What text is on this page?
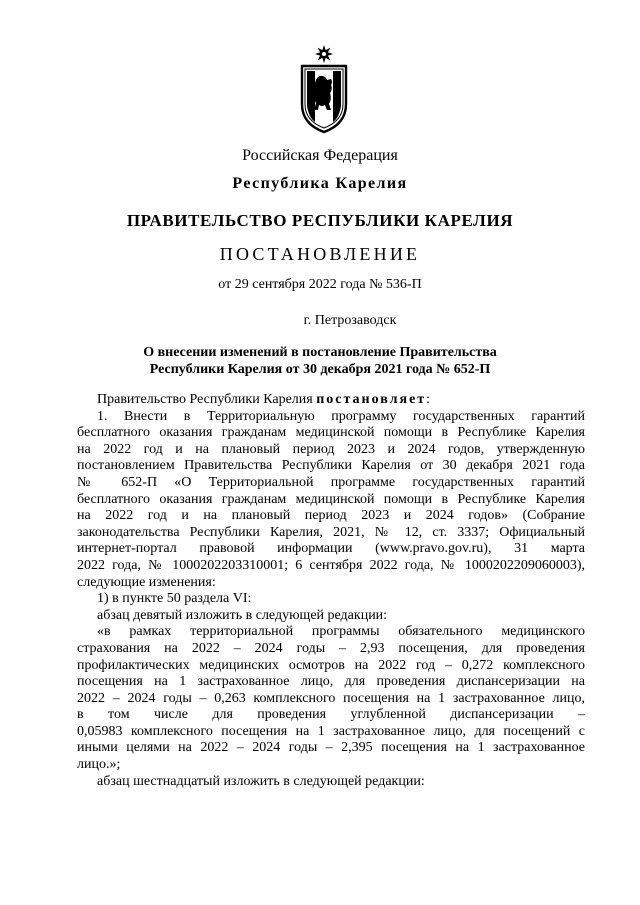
Российская Федерация
Республика Карелия
ПРАВИТЕЛЬСТВО РЕСПУБЛИКИ КАРЕЛИЯ
ПОСТАНОВЛЕНИЕ
от 29 сентября 2022 года № 536-П
г. Петрозаводск
О внесении изменений в постановление Правительства
Республики Карелия от 30 декабря 2021 года № 652-П
Правительство Республики Карелия постановляет:
1. Внести в Территориальную программу государственных гарантий
бесплатного оказания гражданам медицинской помощи в Республике Карелия
на 2022 год и на плановый период 2023 и 2024 годов, утвержденную
постановлением Правительства Республики Карелия от 30 декабря 2021 года
№ 652-П «О Территориальной программе государственных гарантий
бесплатного оказания гражданам медицинской помощи в Республике Карелия
на 2022 год и на плановый период 2023 и 2024 годов» (Собрание
законодательства Республики Карелия, 2021, № 12, ст. 3337; Официальный
интернет-портал правовой информации (www.pravo.gov.ru), 31 марта
2022 года, № 1000202203310001; 6 сентября 2022 года, № 1000202209060003),
следующие изменения:
1) в пункте 50 раздела VI:
абзац девятый изложить в следующей редакции:
«в рамках территориальной программы обязательного медицинского
страхования на 2022 – 2024 годы – 2,93 посещения, для проведения
профилактических медицинских осмотров на 2022 год – 0,272 комплексного
посещения на 1 застрахованное лицо, для проведения диспансеризации на
2022 – 2024 годы – 0,263 комплексного посещения на 1 застрахованное лицо,
в том числе для проведения углубленной диспансеризации –
0,05983 комплексного посещения на 1 застрахованное лицо, для посещений с
иными целями на 2022 – 2024 годы – 2,395 посещения на 1 застрахованное
лицо.»;
абзац шестнадцатый изложить в следующей редакции:
